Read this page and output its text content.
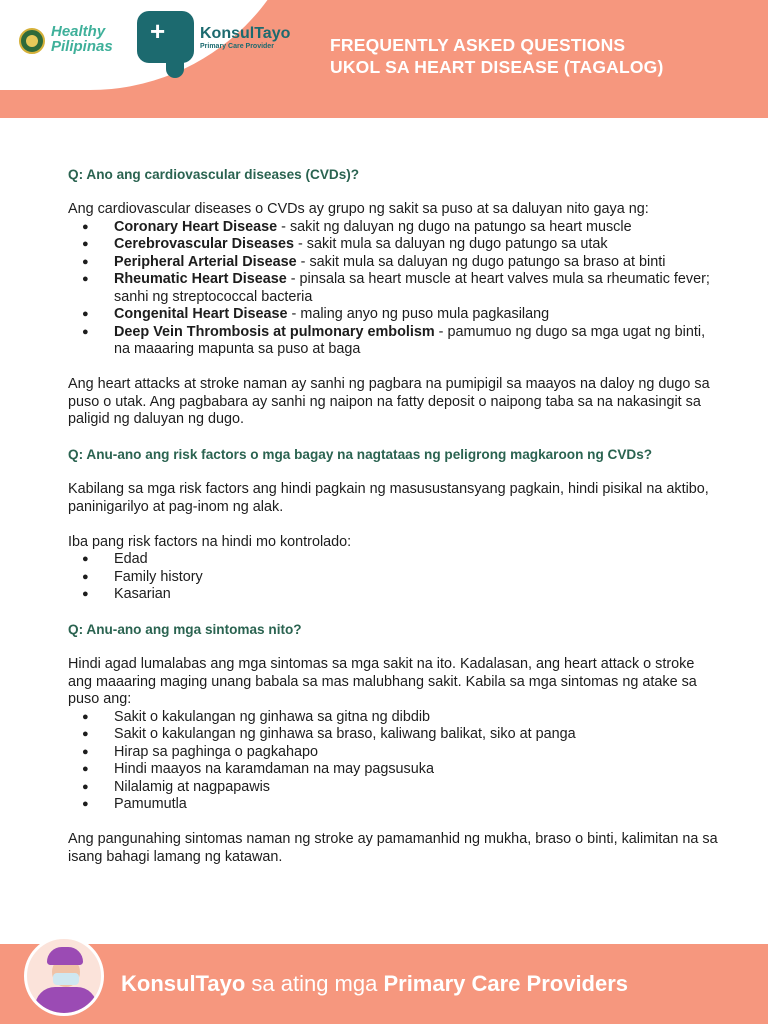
FREQUENTLY ASKED QUESTIONS
UKOL SA HEART DISEASE (TAGALOG)
Healthy
Pilipinas
+ KonsulTayo
Primary Care Provider

Q: Ano ang cardiovascular diseases (CVDs)?

Ang cardiovascular diseases o CVDs ay grupo ng sakit sa puso at sa daluyan nito gaya ng:

● Coronary Heart Disease - sakit ng daluyan ng dugo na patungo sa heart muscle
● Cerebrovascular Diseases - sakit mula sa daluyan ng dugo patungo sa utak
● Peripheral Arterial Disease - sakit mula sa daluyan ng dugo patungo sa braso at binti
● Rheumatic Heart Disease - pinsala sa heart muscle at heart valves mula sa rheumatic fever; sanhi ng streptococcal bacteria
● Congenital Heart Disease - maling anyo ng puso mula pagkasilang
● Deep Vein Thrombosis at pulmonary embolism - pamumuo ng dugo sa mga ugat ng binti, na maaaring mapunta sa puso at baga

Ang heart attacks at stroke naman ay sanhi ng pagbara na pumipigil sa maayos na daloy ng dugo sa puso o utak. Ang pagbabara ay sanhi ng naipon na fatty deposit o naipong taba sa na nakasingit sa paligid ng daluyan ng dugo.

Q: Anu-ano ang risk factors o mga bagay na nagtataas ng peligrong magkaroon ng CVDs?

Kabilang sa mga risk factors ang hindi pagkain ng masusustansyang pagkain, hindi pisikal na aktibo, paninigarilyo at pag-inom ng alak.

Iba pang risk factors na hindi mo kontrolado:

● Edad
● Family history
● Kasarian

Q: Anu-ano ang mga sintomas nito?

Hindi agad lumalabas ang mga sintomas sa mga sakit na ito. Kadalasan, ang heart attack o stroke ang maaaring maging unang babala sa mas malubhang sakit. Kabila sa mga sintomas ng atake sa puso ang:

● Sakit o kakulangan ng ginhawa sa gitna ng dibdib
● Sakit o kakulangan ng ginhawa sa braso, kaliwang balikat, siko at panga
● Hirap sa paghinga o pagkahapo
● Hindi maayos na karamdaman na may pagsusuka
● Nilalamig at nagpapawis
● Pamumutla

Ang pangunahing sintomas naman ng stroke ay pamamanhid ng mukha, braso o binti, kalimitan na sa isang bahagi lamang ng katawan.

KonsulTayo sa ating mga Primary Care Providers
